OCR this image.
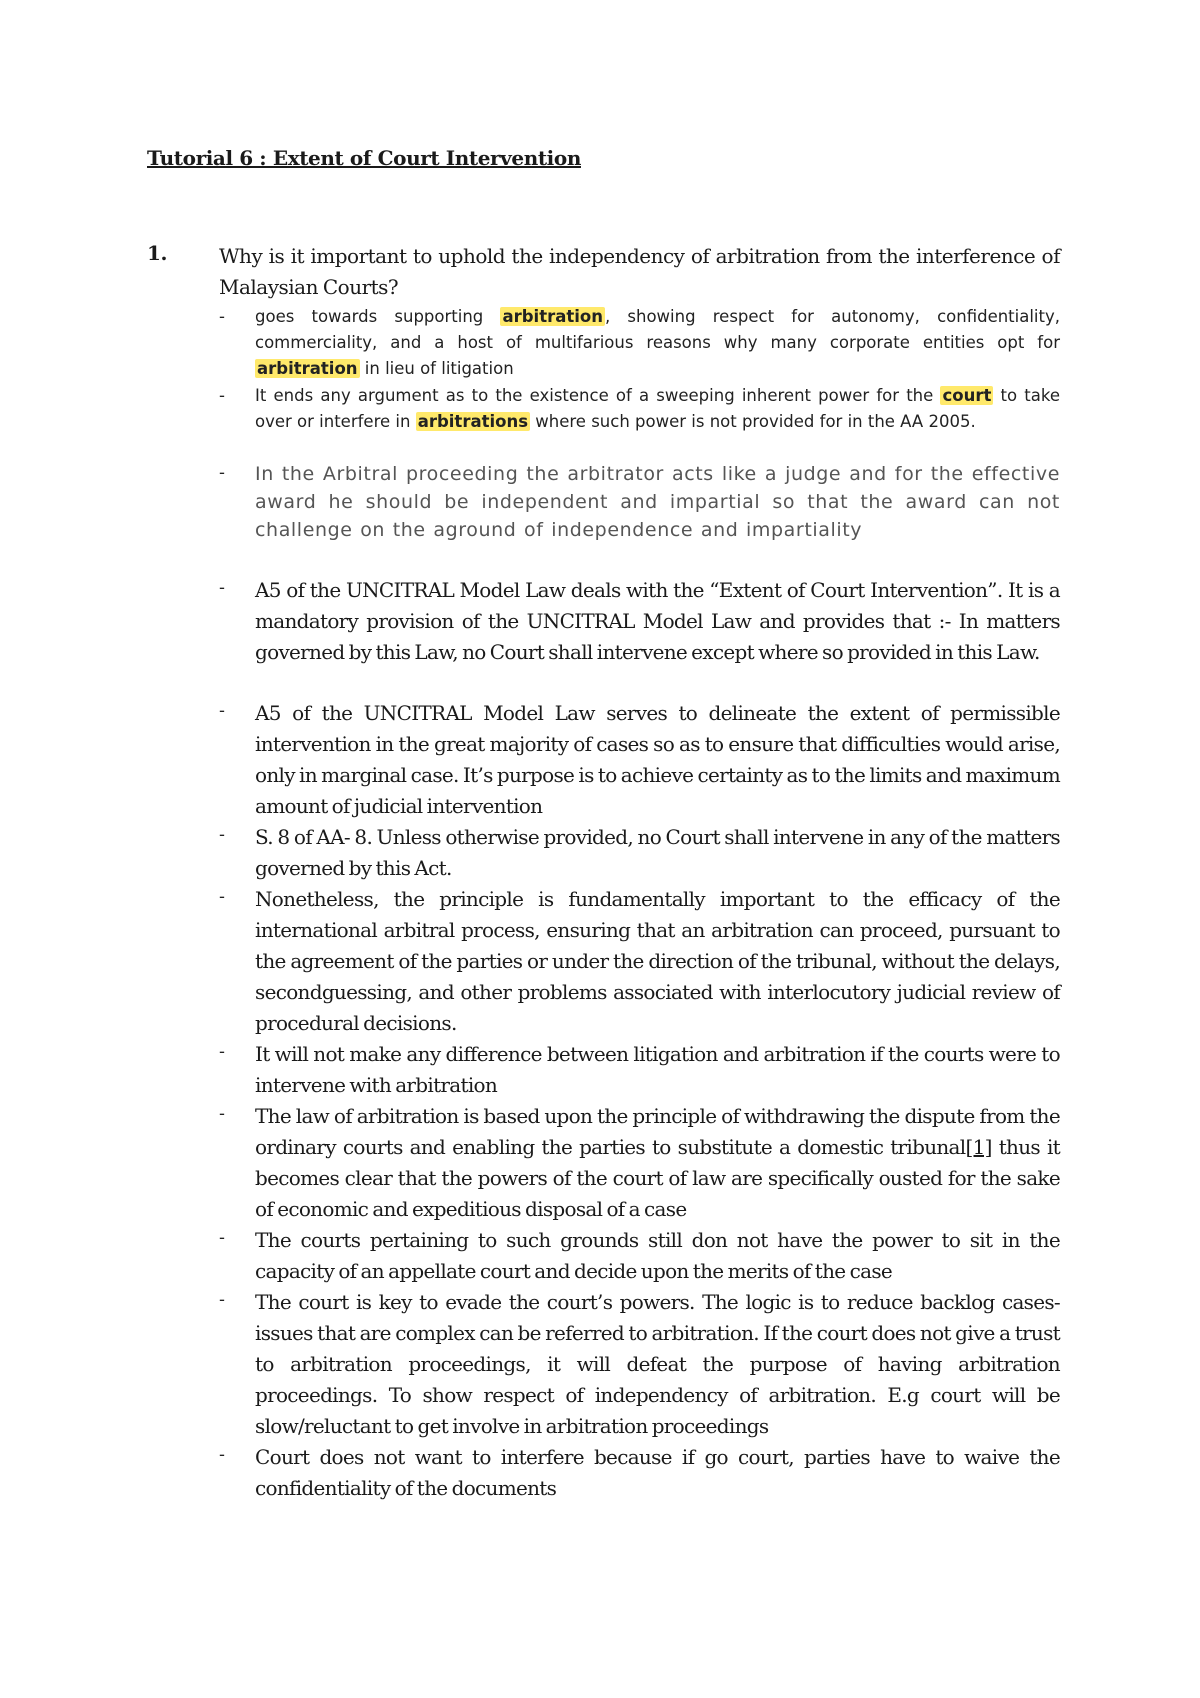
Tutorial 6 : Extent of Court Intervention
1.	Why is it important to uphold the independency of arbitration from the interference of Malaysian Courts?
- goes towards supporting arbitration , showing respect for autonomy, confidentiality, commerciality, and a host of multifarious reasons why many corporate entities opt for arbitration in lieu of litigation
- It ends any argument as to the existence of a sweeping inherent power for the court to take over or interfere in arbitrations where such power is not provided for in the AA 2005.
- In the Arbitral proceeding the arbitrator acts like a judge and for the effective award he should be independent and impartial so that the award can not challenge on the aground of independence and impartiality
- A5 of the UNCITRAL Model Law deals with the “Extent of Court Intervention”. It is a mandatory provision of the UNCITRAL Model Law and provides that :- In matters governed by this Law, no Court shall intervene except where so provided in this Law.
- A5 of the UNCITRAL Model Law serves to delineate the extent of permissible intervention in the great majority of cases so as to ensure that difficulties would arise, only in marginal case. It’s purpose is to achieve certainty as to the limits and maximum amount of judicial intervention
- S. 8 of AA- 8. Unless otherwise provided, no Court shall intervene in any of the matters governed by this Act.
- Nonetheless, the principle is fundamentally important to the efficacy of the international arbitral process, ensuring that an arbitration can proceed, pursuant to the agreement of the parties or under the direction of the tribunal, without the delays, secondguessing, and other problems associated with interlocutory judicial review of procedural decisions.
- It will not make any difference between litigation and arbitration if the courts were to intervene with arbitration
- The law of arbitration is based upon the principle of withdrawing the dispute from the ordinary courts and enabling the parties to substitute a domestic tribunal[1] thus it becomes clear that the powers of the court of law are specifically ousted for the sake of economic and expeditious disposal of a case
- The courts pertaining to such grounds still don not have the power to sit in the capacity of an appellate court and decide upon the merits of the case
- The court is key to evade the court’s powers. The logic is to reduce backlog cases-issues that are complex can be referred to arbitration. If the court does not give a trust to arbitration proceedings, it will defeat the purpose of having arbitration proceedings. To show respect of independency of arbitration. E.g court will be slow/reluctant to get involve in arbitration proceedings
- Court does not want to interfere because if go court, parties have to waive the confidentiality of the documents
